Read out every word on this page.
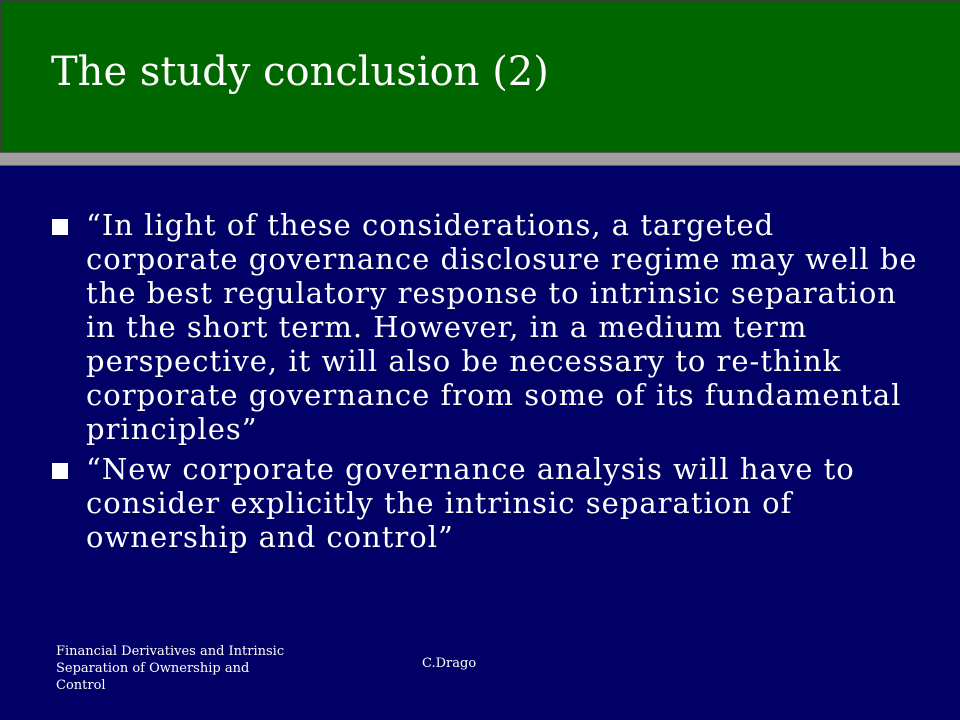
The study conclusion (2)
“In light of these considerations, a targeted corporate governance disclosure regime may well be the best regulatory response to intrinsic separation in the short term. However, in a medium term perspective, it will also be necessary to re-think corporate governance from some of its fundamental principles”
“New corporate governance analysis will have to consider explicitly the intrinsic separation of ownership and control”
Financial Derivatives and Intrinsic Separation of Ownership and Control
C.Drago
